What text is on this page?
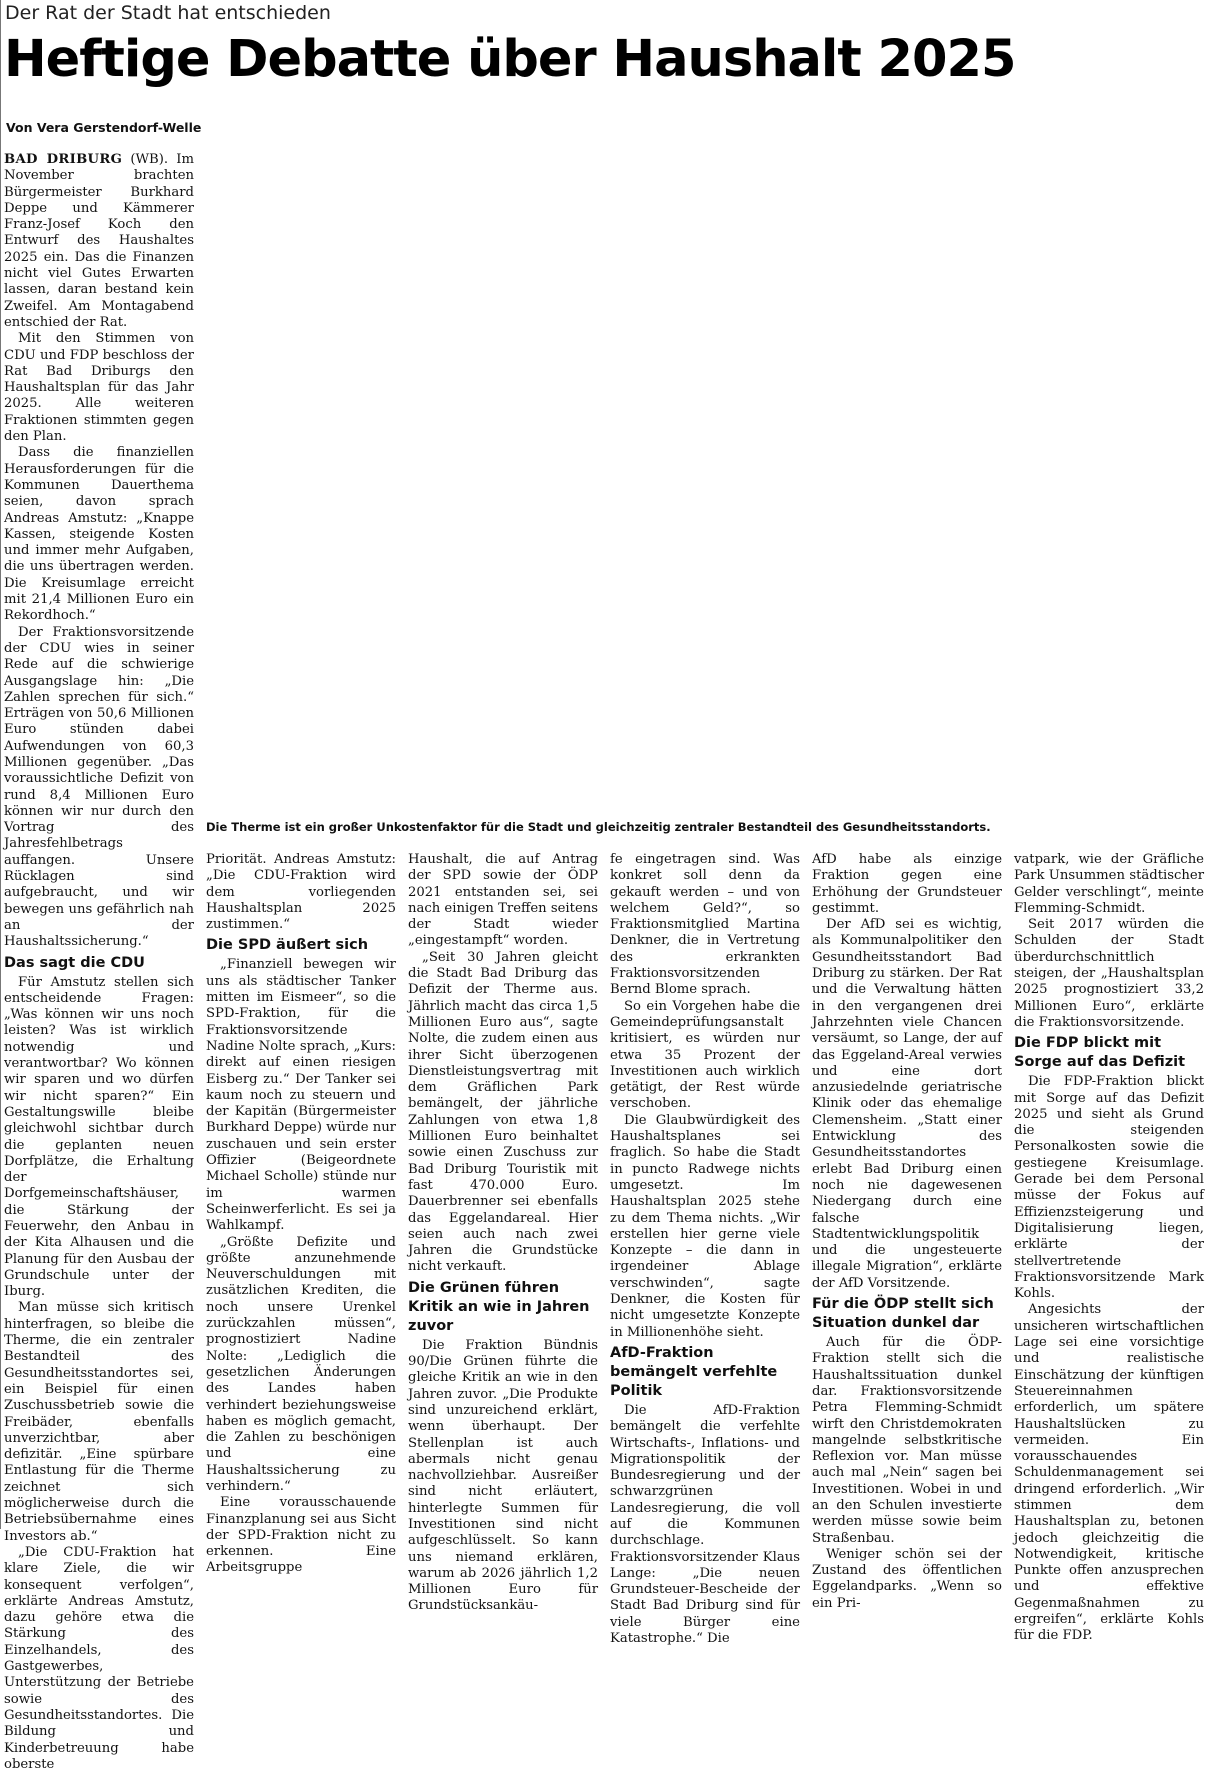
Der Rat der Stadt hat entschieden
Heftige Debatte über Haushalt 2025
Von Vera Gerstendorf-Welle
Die Therme ist ein großer Unkostenfaktor für die Stadt und gleichzeitig zentraler Bestandteil des Gesundheitsstandorts.

BAD DRIBURG (WB). Im November brachten Bürgermeister Burkhard Deppe und Kämmerer Franz-Josef Koch den Entwurf des Haushaltes 2025 ein. Das die Finanzen nicht viel Gutes Erwarten lassen, daran bestand kein Zweifel. Am Montagabend entschied der Rat.

Mit den Stimmen von CDU und FDP beschloss der Rat Bad Driburgs den Haushaltsplan für das Jahr 2025. Alle weiteren Fraktionen stimmten gegen den Plan.

Dass die finanziellen Herausforderungen für die Kommunen Dauerthema seien, davon sprach Andreas Amstutz: „Knappe Kassen, steigende Kosten und immer mehr Aufgaben, die uns übertragen werden. Die Kreisumlage erreicht mit 21,4 Millionen Euro ein Rekordhoch.“

Der Fraktionsvorsitzende der CDU wies in seiner Rede auf die schwierige Ausgangslage hin: „Die Zahlen sprechen für sich.“ Erträgen von 50,6 Millionen Euro stünden dabei Aufwendungen von 60,3 Millionen gegenüber. „Das voraussichtliche Defizit von rund 8,4 Millionen Euro können wir nur durch den Vortrag des Jahresfehlbetrags auffangen. Unsere Rücklagen sind aufgebraucht, und wir bewegen uns gefährlich nah an der Haushaltssicherung.“

Das sagt die CDU

Für Amstutz stellen sich entscheidende Fragen: „Was können wir uns noch leisten? Was ist wirklich notwendig und verantwortbar? Wo können wir sparen und wo dürfen wir nicht sparen?“ Ein Gestaltungswille bleibe gleichwohl sichtbar durch die geplanten neuen Dorfplätze, die Erhaltung der Dorfgemeinschaftshäuser, die Stärkung der Feuerwehr, den Anbau in der Kita Alhausen und die Planung für den Ausbau der Grundschule unter der Iburg.

Man müsse sich kritisch hinterfragen, so bleibe die Therme, die ein zentraler Bestandteil des Gesundheitsstandortes sei, ein Beispiel für einen Zuschussbetrieb sowie die Freibäder, ebenfalls unverzichtbar, aber defizitär. „Eine spürbare Entlastung für die Therme zeichnet sich möglicherweise durch die Betriebsübernahme eines Investors ab.“

„Die CDU-Fraktion hat klare Ziele, die wir konsequent verfolgen“, erklärte Andreas Amstutz, dazu gehöre etwa die Stärkung des Einzelhandels, des Gastgewerbes, Unterstützung der Betriebe sowie des Gesundheitsstandortes. Die Bildung und Kinderbetreuung habe oberste

Priorität. Andreas Amstutz: „Die CDU-Fraktion wird dem vorliegenden Haushaltsplan 2025 zustimmen.“

Die SPD äußert sich

„Finanziell bewegen wir uns als städtischer Tanker mitten im Eismeer“, so die SPD-Fraktion, für die Fraktionsvorsitzende Nadine Nolte sprach, „Kurs: direkt auf einen riesigen Eisberg zu.“ Der Tanker sei kaum noch zu steuern und der Kapitän (Bürgermeister Burkhard Deppe) würde nur zuschauen und sein erster Offizier (Beigeordnete Michael Scholle) stünde nur im warmen Scheinwerferlicht. Es sei ja Wahlkampf.

„Größte Defizite und größte anzunehmende Neuverschuldungen mit zusätzlichen Krediten, die noch unsere Urenkel zurückzahlen müssen“, prognostiziert Nadine Nolte: „Lediglich die gesetzlichen Änderungen des Landes haben verhindert beziehungsweise haben es möglich gemacht, die Zahlen zu beschönigen und eine Haushaltssicherung zu verhindern.“

Eine vorausschauende Finanzplanung sei aus Sicht der SPD-Fraktion nicht zu erkennen. Eine Arbeitsgruppe

Haushalt, die auf Antrag der SPD sowie der ÖDP 2021 entstanden sei, sei nach einigen Treffen seitens der Stadt wieder „eingestampft“ worden.

„Seit 30 Jahren gleicht die Stadt Bad Driburg das Defizit der Therme aus. Jährlich macht das circa 1,5 Millionen Euro aus“, sagte Nolte, die zudem einen aus ihrer Sicht überzogenen Dienstleistungsvertrag mit dem Gräflichen Park bemängelt, der jährliche Zahlungen von etwa 1,8 Millionen Euro beinhaltet sowie einen Zuschuss zur Bad Driburg Touristik mit fast 470.000 Euro. Dauerbrenner sei ebenfalls das Eggelandareal. Hier seien auch nach zwei Jahren die Grundstücke nicht verkauft.

Die Grünen führen Kritik an wie in Jahren zuvor

Die Fraktion Bündnis 90/Die Grünen führte die gleiche Kritik an wie in den Jahren zuvor. „Die Produkte sind unzureichend erklärt, wenn überhaupt. Der Stellenplan ist auch abermals nicht genau nachvollziehbar. Ausreißer sind nicht erläutert, hinterlegte Summen für Investitionen sind nicht aufgeschlüsselt. So kann uns niemand erklären, warum ab 2026 jährlich 1,2 Millionen Euro für Grundstücksankäu-

fe eingetragen sind. Was konkret soll denn da gekauft werden – und von welchem Geld?“, so Fraktionsmitglied Martina Denkner, die in Vertretung des erkrankten Fraktionsvorsitzenden Bernd Blome sprach.

So ein Vorgehen habe die Gemeindeprüfungsanstalt kritisiert, es würden nur etwa 35 Prozent der Investitionen auch wirklich getätigt, der Rest würde verschoben.

Die Glaubwürdigkeit des Haushaltsplanes sei fraglich. So habe die Stadt in puncto Radwege nichts umgesetzt. Im Haushaltsplan 2025 stehe zu dem Thema nichts. „Wir erstellen hier gerne viele Konzepte – die dann in irgendeiner Ablage verschwinden“, sagte Denkner, die Kosten für nicht umgesetzte Konzepte in Millionenhöhe sieht.

AfD-Fraktion bemängelt verfehlte Politik

Die AfD-Fraktion bemängelt die verfehlte Wirtschafts-, Inflations- und Migrationspolitik der Bundesregierung und der schwarzgrünen Landesregierung, die voll auf die Kommunen durchschlage. Fraktionsvorsitzender Klaus Lange: „Die neuen Grundsteuer-Bescheide der Stadt Bad Driburg sind für viele Bürger eine Katastrophe.“ Die

AfD habe als einzige Fraktion gegen eine Erhöhung der Grundsteuer gestimmt.

Der AfD sei es wichtig, als Kommunalpolitiker den Gesundheitsstandort Bad Driburg zu stärken. Der Rat und die Verwaltung hätten in den vergangenen drei Jahrzehnten viele Chancen versäumt, so Lange, der auf das Eggeland-Areal verwies und eine dort anzusiedelnde geriatrische Klinik oder das ehemalige Clemensheim. „Statt einer Entwicklung des Gesundheitsstandortes erlebt Bad Driburg einen noch nie dagewesenen Niedergang durch eine falsche Stadtentwicklungspolitik und die ungesteuerte illegale Migration“, erklärte der AfD Vorsitzende.

Für die ÖDP stellt sich Situation dunkel dar

Auch für die ÖDP-Fraktion stellt sich die Haushaltssituation dunkel dar. Fraktionsvorsitzende Petra Flemming-Schmidt wirft den Christdemokraten mangelnde selbstkritische Reflexion vor. Man müsse auch mal „Nein“ sagen bei Investitionen. Wobei in und an den Schulen investierte werden müsse sowie beim Straßenbau.

Weniger schön sei der Zustand des öffentlichen Eggelandparks. „Wenn so ein Pri-

vatpark, wie der Gräfliche Park Unsummen städtischer Gelder verschlingt“, meinte Flemming-Schmidt.

Seit 2017 würden die Schulden der Stadt überdurchschnittlich steigen, der „Haushaltsplan 2025 prognostiziert 33,2 Millionen Euro“, erklärte die Fraktionsvorsitzende.

Die FDP blickt mit Sorge auf das Defizit

Die FDP-Fraktion blickt mit Sorge auf das Defizit 2025 und sieht als Grund die steigenden Personalkosten sowie die gestiegene Kreisumlage. Gerade bei dem Personal müsse der Fokus auf Effizienzsteigerung und Digitalisierung liegen, erklärte der stellvertretende Fraktionsvorsitzende Mark Kohls.

Angesichts der unsicheren wirtschaftlichen Lage sei eine vorsichtige und realistische Einschätzung der künftigen Steuereinnahmen erforderlich, um spätere Haushaltslücken zu vermeiden. Ein vorausschauendes Schuldenmanagement sei dringend erforderlich. „Wir stimmen dem Haushaltsplan zu, betonen jedoch gleichzeitig die Notwendigkeit, kritische Punkte offen anzusprechen und effektive Gegenmaßnahmen zu ergreifen“, erklärte Kohls für die FDP.
